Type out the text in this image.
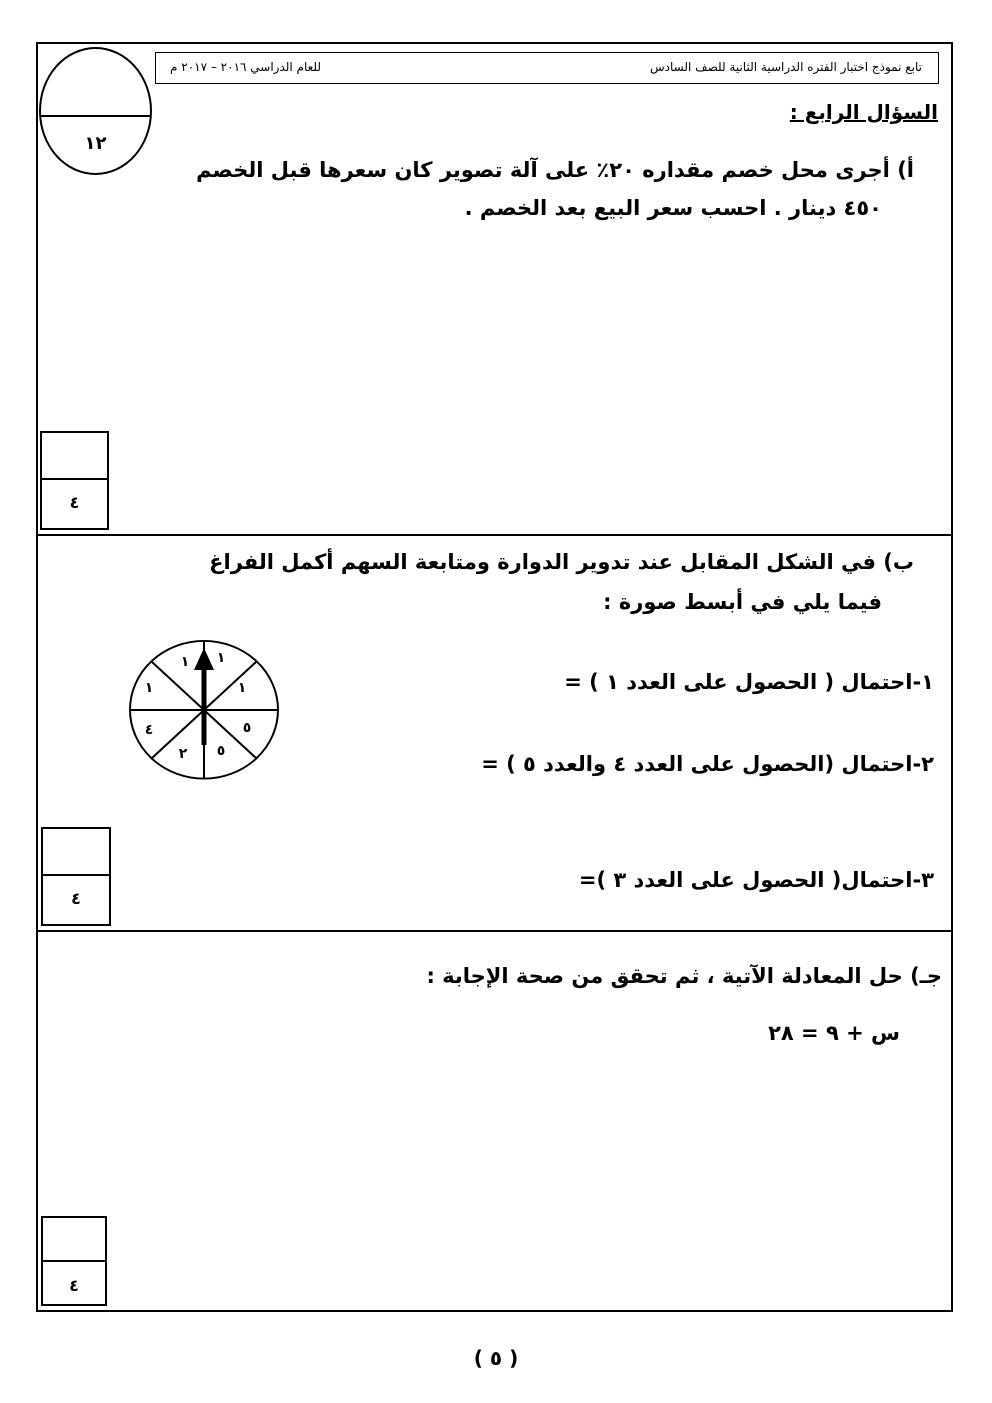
تابع نموذج اختبار الفتره الدراسية الثانية للصف السادس
للعام الدراسي ٢٠١٦ – ٢٠١٧ م
١٢
السؤال الرابع :
أ) أجرى محل خصم مقداره ٢٠٪ على آلة تصوير كان سعرها قبل الخصم
٤٥٠ دينار . احسب سعر البيع بعد الخصم .
٤
ب) في الشكل المقابل عند تدوير الدوارة ومتابعة السهم أكمل الفراغ
فيما يلي في أبسط صورة :
١-احتمال ( الحصول على العدد ١ ) =
٢-احتمال (الحصول على العدد ٤ والعدد ٥ ) =
٣-احتمال( الحصول على العدد ٣ )=
١ ١
١
٥
٥
٢
٤
١
٤
جـ) حل المعادلة الآتية ، ثم تحقق من صحة الإجابة :
س + ٩ = ٢٨
٤
( ٥ )
